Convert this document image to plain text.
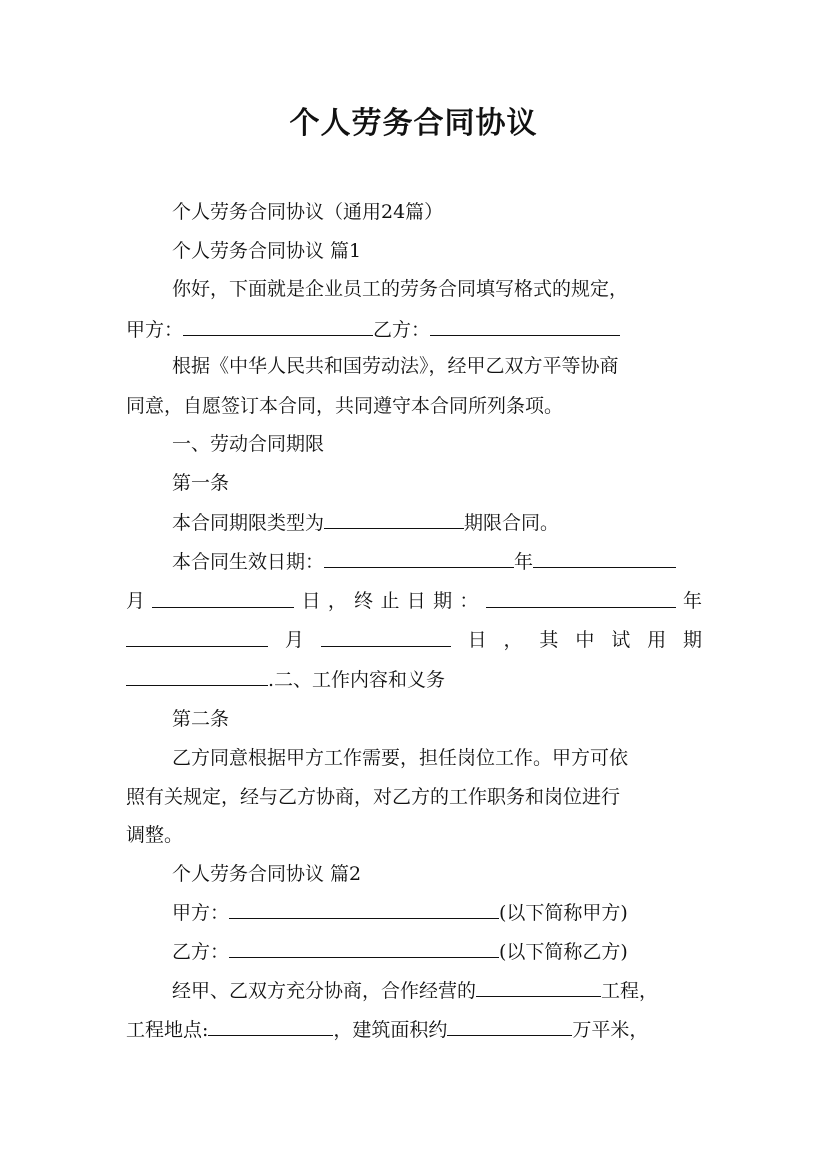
个人劳务合同协议
个人劳务合同协议（通用24篇）
个人劳务合同协议 篇1
你好，下面就是企业员工的劳务合同填写格式的规定，
甲方：	乙方：
根据《中华人民共和国劳动法》，经甲乙双方平等协商
同意，自愿签订本合同，共同遵守本合同所列条项。
一、劳动合同期限
第一条
本合同期限类型为	期限合同。
本合同生效日期：	年
月	日 ， 终 止 日 期 ：	年
月	日 ， 其 中 试 用 期
.二、工作内容和义务
第二条
乙方同意根据甲方工作需要，担任岗位工作。甲方可依
照有关规定，经与乙方协商，对乙方的工作职务和岗位进行
调整。
个人劳务合同协议 篇2
甲方：	(以下简称甲方)
乙方：	(以下简称乙方)
经甲、乙双方充分协商，合作经营的	工程，
工程地点:	，建筑面积约	万平米，
